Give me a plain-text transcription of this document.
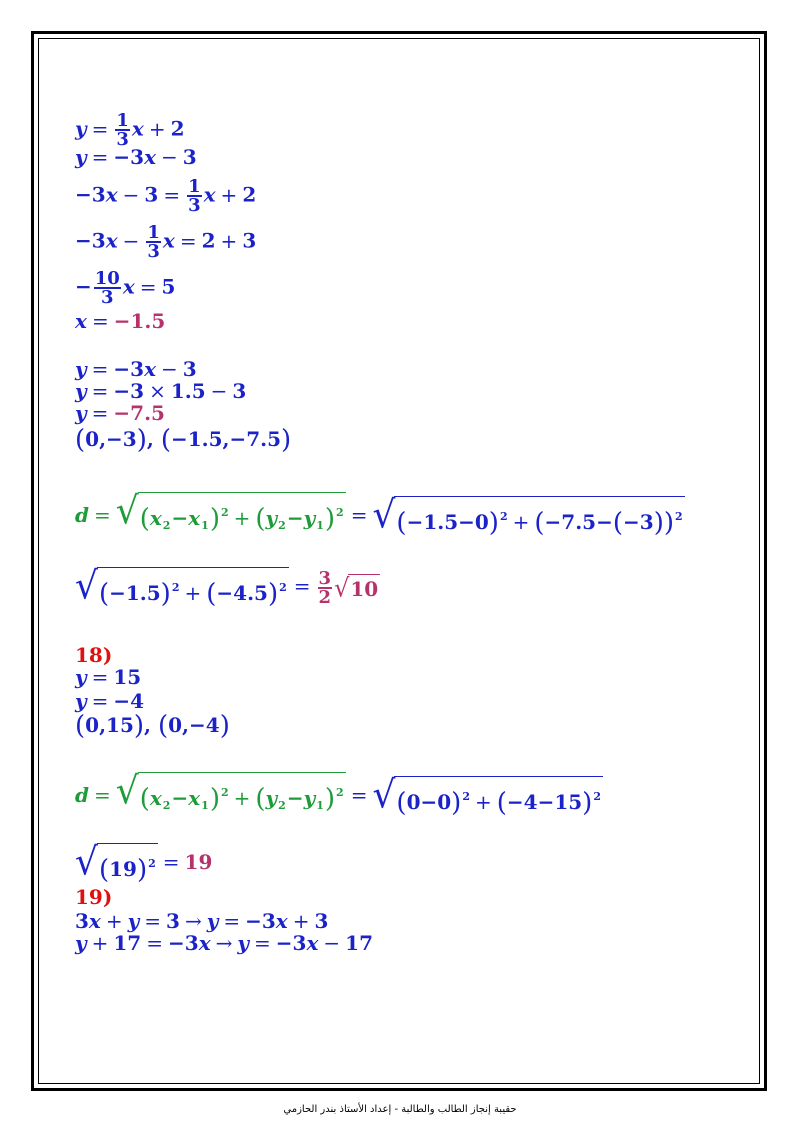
$y = \frac{1}{3}$ x + 2
y = −3x − 3
$-3x - 3 = \frac{1}{3}$ x + 2
$-3x - \frac{1}{3}$ x = 2 + 3
− $\frac{10}{3}$ x = 5
x = −1.5
y = −3x − 3
y = −3 × 1.5 − 3
y = −7.5
(0,−3), (−1.5,−7.5)
d = √ $(x_2-x_1)^2 + (y_2-y_1)^2$ = √ $(-1.5-0)^2 + (-7.5-(-3))^2$
√ $(-1.5)^2 + (-4.5)^2 = \frac{3}{2}$ √ 10
18)
y = 15
y = −4
(0,15), (0,−4)
d = √ $(x_2-x_1)^2 + (y_2-y_1)^2$ = √ $(0-0)^2 + (-4-15)^2$
√ $(19)^2 = 19$
19)
3x + y = 3 → y = −3x + 3
y + 17 = −3x → y = −3x − 17
حقيبة إنجاز الطالب والطالبة - إعداد الأستاذ بندر الحازمي
